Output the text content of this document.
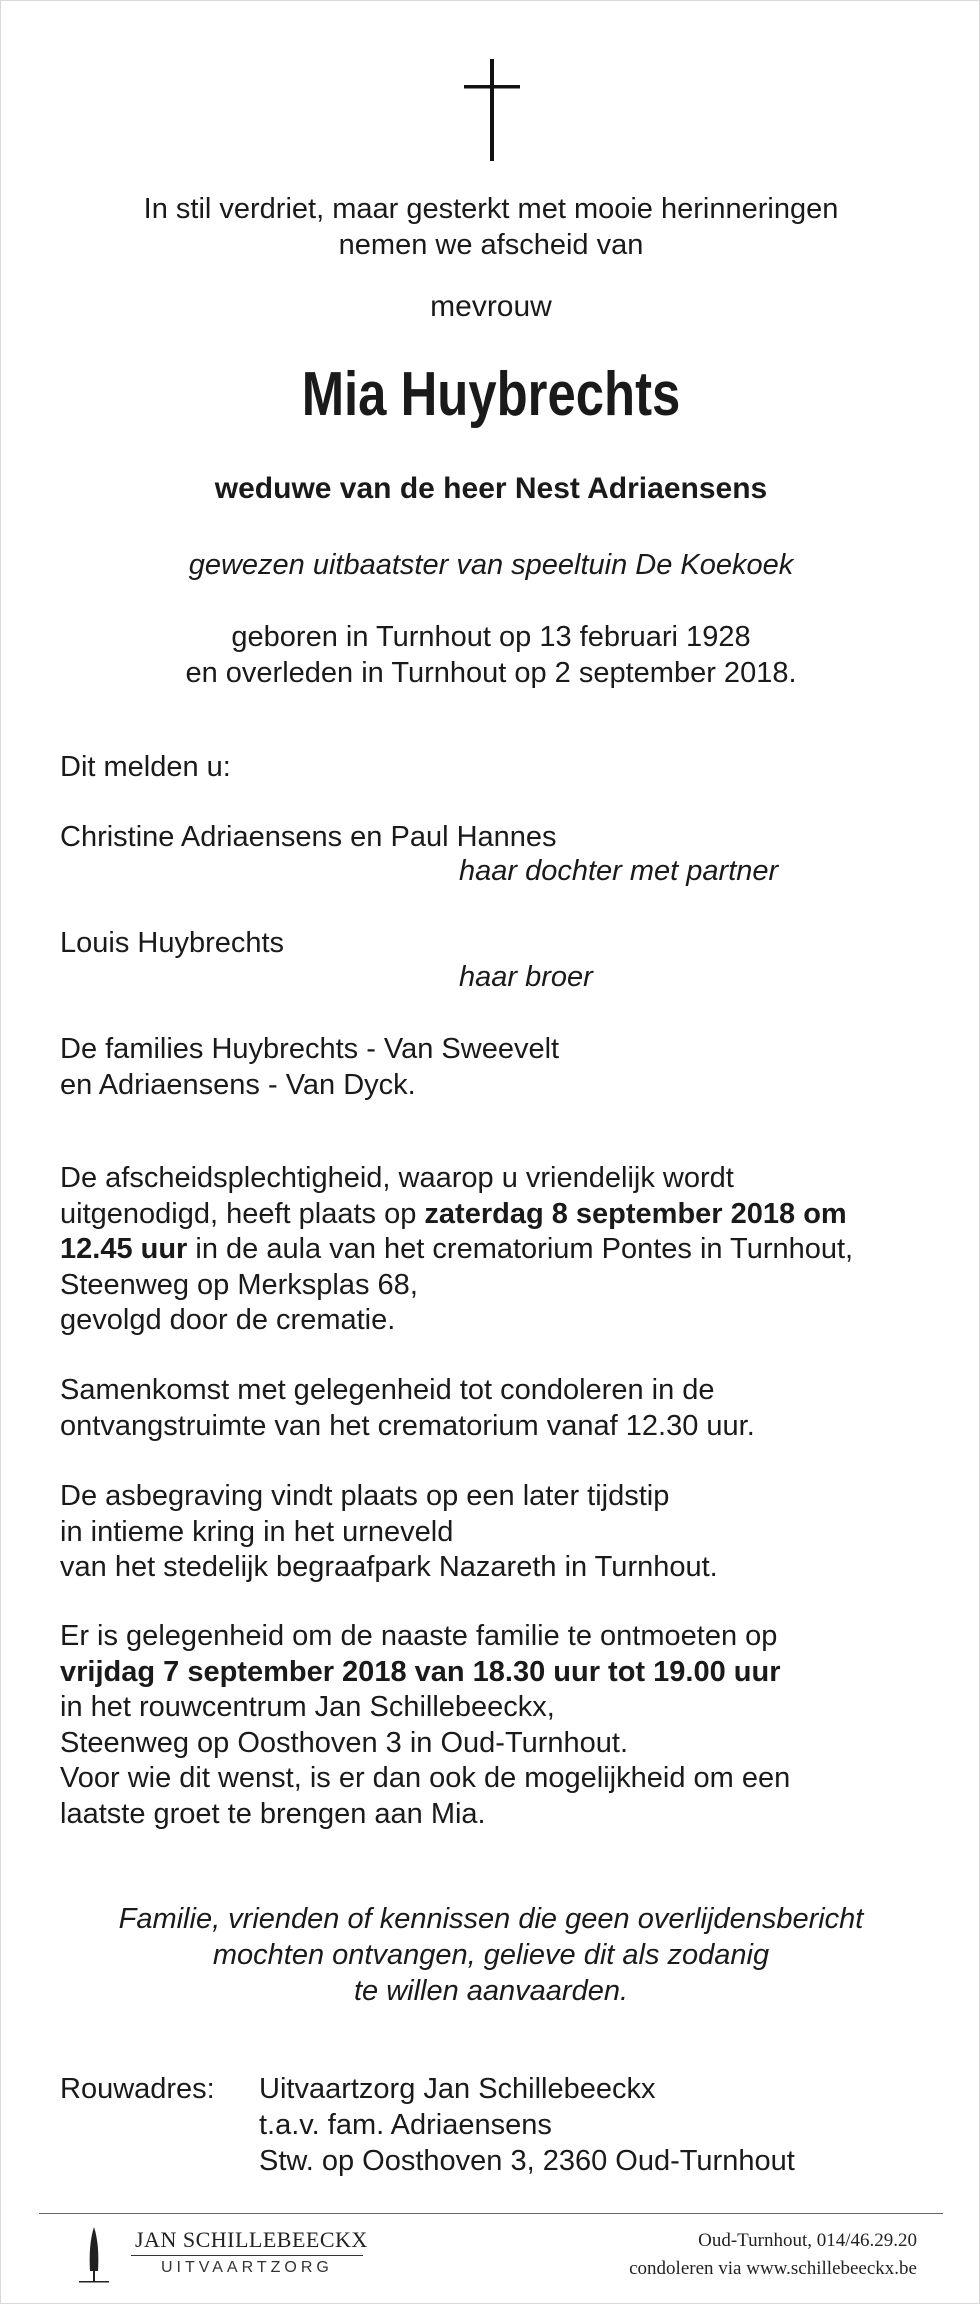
In stil verdriet, maar gesterkt met mooie herinneringen

nemen we afscheid van

mevrouw

Mia Huybrechts

weduwe van de heer Nest Adriaensens

gewezen uitbaatster van speeltuin De Koekoek

geboren in Turnhout op 13 februari 1928

en overleden in Turnhout op 2 september 2018.

Dit melden u:

Christine Adriaensens en Paul Hannes

haar dochter met partner

Louis Huybrechts

haar broer

De families Huybrechts - Van Sweevelt

en Adriaensens - Van Dyck.

De afscheidsplechtigheid, waarop u vriendelijk wordt uitgenodigd, heeft plaats op zaterdag 8 september 2018 om 12.45 uur in de aula van het crematorium Pontes in Turnhout, Steenweg op Merksplas 68,

gevolgd door de crematie.

Samenkomst met gelegenheid tot condoleren in de

ontvangstruimte van het crematorium vanaf 12.30 uur.

De asbegraving vindt plaats op een later tijdstip

in intieme kring in het urneveld

van het stedelijk begraafpark Nazareth in Turnhout.

Er is gelegenheid om de naaste familie te ontmoeten op

vrijdag 7 september 2018 van 18.30 uur tot 19.00 uur

in het rouwcentrum Jan Schillebeeckx,

Steenweg op Oosthoven 3 in Oud-Turnhout.

Voor wie dit wenst, is er dan ook de mogelijkheid om een

laatste groet te brengen aan Mia.

Familie, vrienden of kennissen die geen overlijdensbericht

mochten ontvangen, gelieve dit als zodanig

te willen aanvaarden.

Rouwadres: Uitvaartzorg Jan Schillebeeckx
t.a.v. fam. Adriaensens
Stw. op Oosthoven 3, 2360 Oud-Turnhout
JAN SCHILLEBEECKX
UITVAARTZORG
Oud-Turnhout, 014/46.29.20
condoleren via www.schillebeeckx.be
